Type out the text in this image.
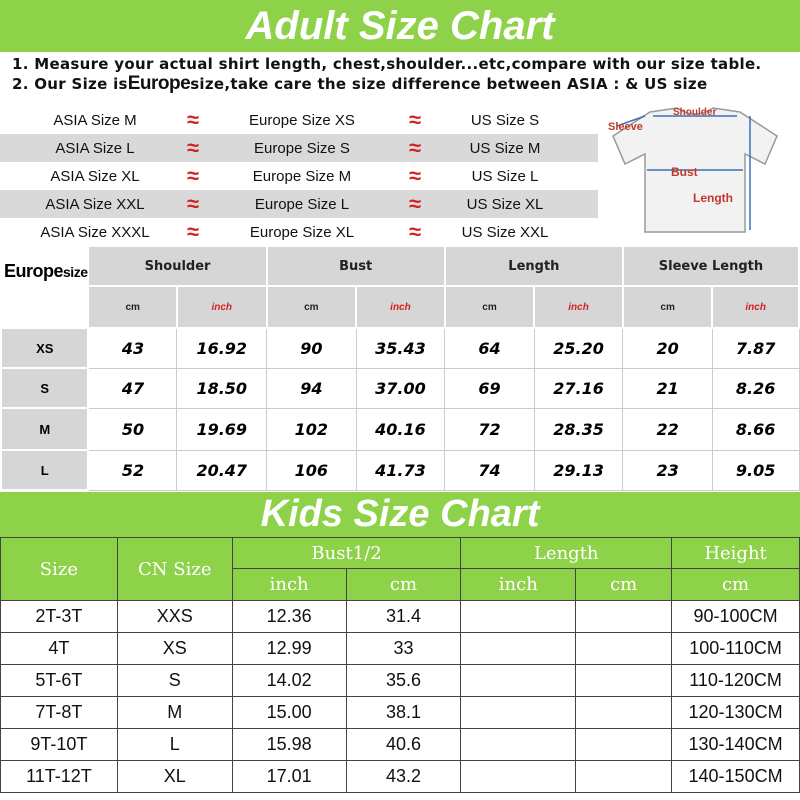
Adult Size Chart
1. Measure your actual shirt length, chest,shoulder...etc,compare with our size table.
2. Our Size isEuropesize,take care the size difference between ASIA : & US size
ASIA Size M	≈	Europe Size XS	≈	US Size S
ASIA Size L	≈	Europe Size S	≈	US Size M
ASIA Size XL	≈	Europe Size M	≈	US Size L
ASIA Size XXL	≈	Europe Size L	≈	US Size XL
ASIA Size XXXL	≈	Europe Size XL	≈	US Size XXL
Shoulder
Sleeve
Bust
Length
Europesize	Shoulder		Bust		Length		Sleeve Length	
	cm	inch	cm	inch	cm	inch	cm	inch
XS	43	16.92	90	35.43	64	25.20	20	7.87
S	47	18.50	94	37.00	69	27.16	21	8.26
M	50	19.69	102	40.16	72	28.35	22	8.66
L	52	20.47	106	41.73	74	29.13	23	9.05
Kids Size Chart
Size	CN Size	Bust1/2		Length		Height
		inch	cm	inch	cm	cm
2T-3T	XXS	12.36	31.4			90-100CM
4T	XS	12.99	33			100-110CM
5T-6T	S	14.02	35.6			110-120CM
7T-8T	M	15.00	38.1			120-130CM
9T-10T	L	15.98	40.6			130-140CM
11T-12T	XL	17.01	43.2			140-150CM
